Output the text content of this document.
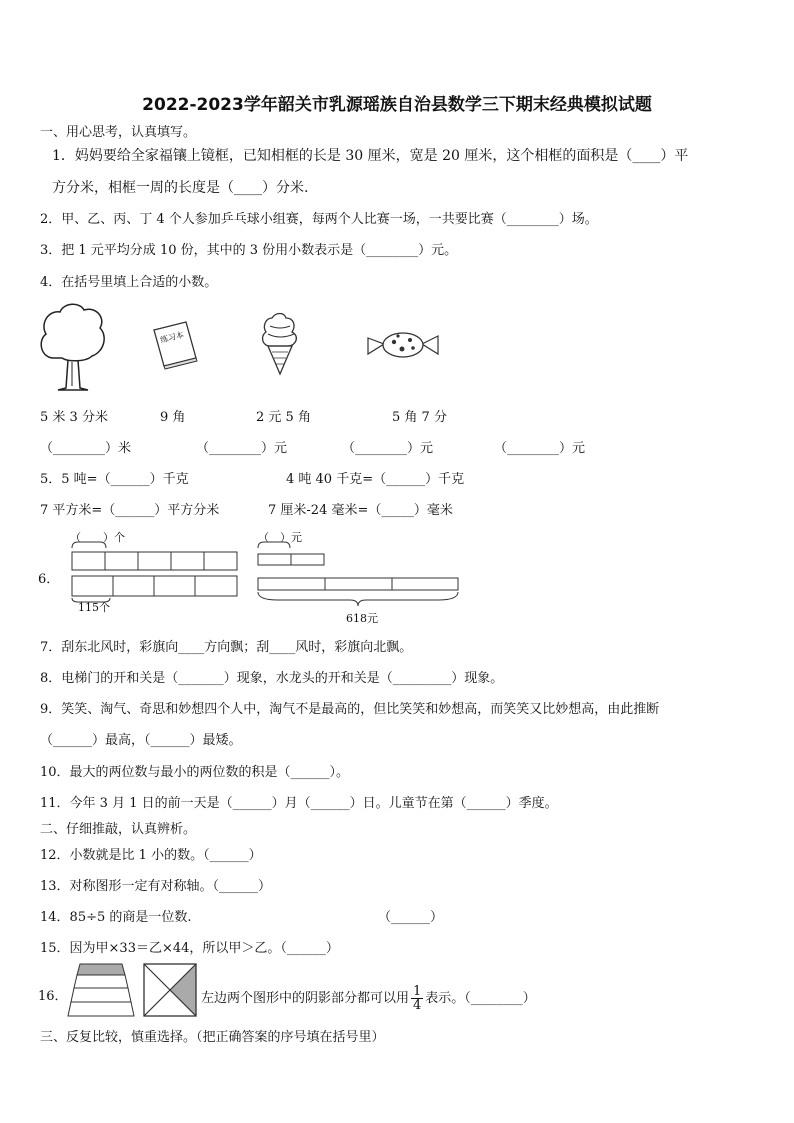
2022-2023学年韶关市乳源瑶族自治县数学三下期末经典模拟试题
一、用心思考，认真填写。
1．妈妈要给全家福镶上镜框，已知相框的长是 30 厘米，宽是 20 厘米，这个相框的面积是（____）平
方分米，相框一周的长度是（____）分米.
2．甲、乙、丙、丁 4 个人参加乒乓球小组赛，每两个人比赛一场，一共要比赛（________）场。
3．把 1 元平均分成 10 份，其中的 3 份用小数表示是（________）元。
4．在括号里填上合适的小数。
练习本
5 米 3 分米	9 角	2 元 5 角	5 角 7 分
（________）米	（________）元	（________）元	（________）元
5．5 吨=（______）千克	4 吨 40 千克=（______）千克
7 平方米=（______）平方分米	7 厘米-24 毫米=（_____）毫米
6．
（　　）个
115个
（　）元
618元
7．刮东北风时，彩旗向____方向飘；刮____风时，彩旗向北飘。
8．电梯门的开和关是（_______）现象，水龙头的开和关是（_________）现象。
9．笑笑、淘气、奇思和妙想四个人中，淘气不是最高的，但比笑笑和妙想高，而笑笑又比妙想高，由此推断
（______）最高，（______）最矮。
10．最大的两位数与最小的两位数的积是（______）。
11．今年 3 月 1 日的前一天是（______）月（______）日。儿童节在第（______）季度。
二、仔细推敲，认真辨析。
12．小数就是比 1 小的数。（______）
13．对称图形一定有对称轴。（______）
14．85÷5 的商是一位数.	（______）
15．因为甲×33＝乙×44，所以甲＞乙。（______）
16．	左边两个图形中的阴影部分都可以用 $\frac{1}{4}$ 表示。（________）
三、反复比较，慎重选择。（把正确答案的序号填在括号里）
